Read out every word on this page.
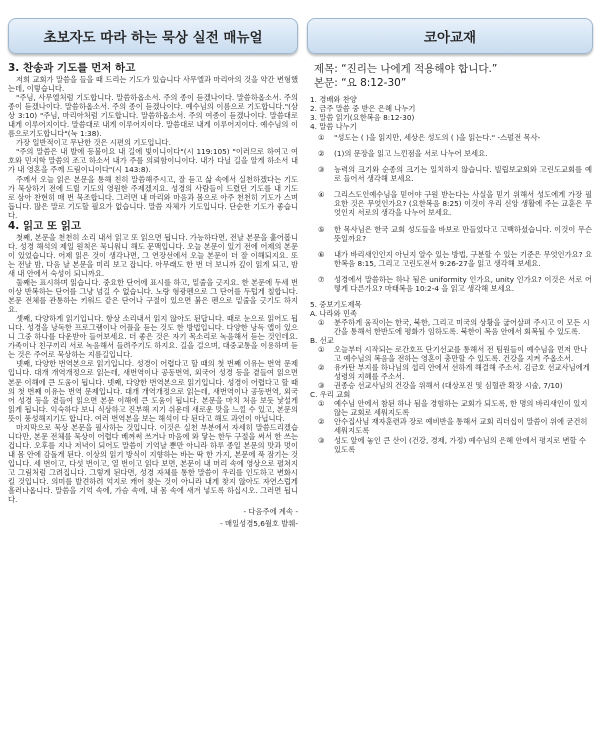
초보자도 따라 하는 묵상 실전 매뉴얼	코아교재
3. 찬송과 기도를 먼저 하고

저희 교회가 말씀을 들을 때 드리는 기도가 있습니다 사무엘과 마리아의 것을 약간 변형했는데, 이렇습니다.

"주님, 사무엘처럼 기도합니다. 말씀하옵소서. 주의 종이 듣겠나이다. 말씀하옵소서. 주의 종이 듣겠나이다. 말씀하옵소서. 주의 종이 듣겠나이다. 예수님의 이름으로 기도합니다."(삼상 3:10) "주님, 마리아처럼 기도합니다. 말씀하옵소서. 주의 여종이 듣겠나이다. 말씀대로 내게 이루어지이다. 말씀대로 내게 이루어지이다. 말씀대로 내게 이루어지이다. 예수님의 이름으로기도합니다"(눅 1:38).

가장 일반적이고 무난한 것은 시편의 기도입니다.

"주의 말씀은 내 발에 등불이요 내 길에 빛이니이다"(시 119:105) "이러므로 하여고 여호와 민지학 말씀의 조고 하소서 내가 주를 의뢰함이니이다. 내가 다닐 길을 알게 하소서 내가 내 영혼을 주께 드림이니이다"(시 143:8).

주께서 오늘 읽은 본문을 통해 친히 말씀해주시고, 잘 듣고 삶 속에서 실천하겠다는 기도가 묵상하기 전에 드릴 기도의 영원한 주제겠지요. 성경의 사람들이 드렸던 기도를 내 기도로 삼아 찬현히 매 번 묵조합니다. 그러면 내 마리와 마음과 몸으로 아주 천천히 기도가 스며듭니다. 많은 말로 기도할 필요가 없습니다. 말씀 자체가 기도입니다. 단순한 기도가 좋습니다.

4. 읽고 또 읽고

첫째, 본문을 천천히 소리 내서 읽고 또 읽으면 됩니다. 가능하다면, 전날 본문을 훑어봅니다. 성경 해석의 제일 원칙은 묵니워니 해도 문맥입니다. 오늘 본문이 있기 전에 어제의 본문이 있었습니다. 어제 읽은 것이 생각나면, 그 연장선에서 오늘 본문이 더 잘 이해되지요. 또는 전날 밤, 다음 날 본문을 미리 보고 잡니다. 아무래도 한 번 더 보니까 깊이 읽게 되고, 밤새 내 안에서 숙성이 되니까요.

둘째는 표시하며 읽습니다. 중요한 단어에 표시를 하고, 밑줄을 긋지요. 한 본문에 두세 번 이상 반복하는 단어를 그냥 넘길 수 없습니다. 노랑 형광펜으로 그 단어를 두텁게 칠합니다. 본문 전체를 관통하는 키워드 같은 단어나 구절이 있으면 붉은 펜으로 밑줄을 긋기도 하지요.

셋째, 다양하게 읽기입니다. 항상 소리내서 읽지 않아도 된답니다. 때로 눈으로 읽어도 됩니다. 성경을 낭독한 프로그램이나 어플을 듣는 것도 한 방법입니다. 다양한 낭독 앱이 있으니 그중 하나를 다운받아 들어보세요. 더 좋은 것은 자기 목소리로 녹음해서 듣는 것인데요. 가족이나 친구끼리 서로 녹음해서 들려주기도 하지요. 길을 걸으며, 대중교통을 이용하며 듣는 것은 주어로 묵상하는 지름길입니다.

넷째, 다양한 번역본으로 읽기입니다. 성경이 어렵다고 할 때의 첫 번째 이유는 번역 문제입니다. 대개 개역개정으로 읽는데, 새번역이나 공동번역, 외국어 성경 등을 곁들여 읽으면 본문 이해에 큰 도움이 됩니다. 넷째, 다양한 번역본으로 읽기입니다. 성경이 어렵다고 할 때의 첫 번째 이유는 번역 문제입니다. 대개 개역개정으로 읽는데, 새번역이나 공동번역, 외국어 성경 등을 곁들여 읽으면 본문 이해에 큰 도움이 됩니다. 본문을 마치 처음 보듯 낯설게 읽게 됩니다. 익숙하다 보니 식상하고 진부해 지기 쉬운데 새로운 맛을 느낄 수 있고, 본문의 뜻이 풍성해지기도 합니다. 여러 번역본을 보는 해석이 다 된다고 해도 과언이 아닙니다.

마지막으로 묵상 본문을 필사하는 것입니다. 이것은 실천 부분에서 자세히 말씀드리겠습니다만, 본문 전체를 묵상이 어렵다 베껴써 쓰거나 마음에 와 닿는 한두 구절을 써서 한 쓰는 겁니다. 오후를 지나 저녁이 되어도 말씀이 기억날 뿐만 아니라 하루 종일 본문의 맛과 멋이 내 몸 안에 감돌게 된다. 이상의 읽기 방식이 지향하는 바는 딱 한 가지, 본문에 푹 잠기는 것입니다. 세 번이고, 다섯 번이고, 열 번이고 읽다 보면, 본문이 내 머리 속에 영상으로 펼쳐지고 그림처럼 그려집니다. 그렇게 된다면, 성경 자체를 통한 말씀이 우리를 인도하고 변화시킬 것입니다. 의미를 발견하려 억지로 캐어 찾는 것이 아니라 내게 찾지 않아도 자연스럽게 흘러나옵니다. 말씀을 기억 속에, 가슴 속에, 내 몸 속에 새겨 넣도록 하십시오. 그러면 됩니다.

- 다음주에 계속 -

- 매일성경5,6월호 발췌-

제목: “진리는 나에게 적용해야 합니다.”

본문: “요 8:12-30”

1. 경배와 찬양
2. 금주 말씀 중 받은 은혜 나누기
3. 말씀 읽기(요한복음 8:12-30)
4. 말씀 나누기
①	"성도는 ( )을 읽지만, 세상은 성도의 ( )을 읽는다." -스펄전 목사-
②	(1)의 문장을 읽고 느낀점을 서로 나누어 보세요.
③	능력의 크기와 순종의 크기는 일치하지 않습니다. 빌립보교회와 고린도교회를 예로 들어서 생각해 보세요.
④	그리스도인예수님을 믿어야 구원 받는다는 사실을 믿기 위해서 성도에게 가장 필요한 것은 무엇인가요? (요한복음 8:25) 이것이 우리 신앙 생활에 주는 교훈은 무엇인지 서로의 생각을 나누어 보세요.
⑤	한 목사님은 한국 교회 성도들을 바보로 만들었다고 고백하셨습니다. 이것이 무슨 뜻일까요?
⑥	내가 바리새인인지 아닌지 알수 있는 방법, 구분할 수 있는 기준은 무엇인가요? 요한복음 8:15, 그리고 고린도전서 9:26-27을 읽고 생각해 보세요.
⑦	성경에서 말씀하는 하나 됨은 uniformity 인가요, unity 인가요? 이것은 서로 어떻게 다른가요? 마태복음 10:2-4 을 읽고 생각해 보세요.
5. 중보기도제목
A. 나라와 민족
①	분주하게 움직이는 한국, 북한, 그리고 미국의 상황을 굽어살펴 주시고 이 모든 시간을 통해서 한반도에 평화가 임하도록. 북한이 복음 안에서 회복될 수 있도록.
B. 선교
①	오늘부터 시작되는 로간호프 단기선교를 통해서 전 팀원들이 예수님을 먼저 만나고 예수님의 복음을 전하는 영혼이 충만할 수 있도록. 건강을 지켜 주옵소서.
②	유카탄 부지를 하나님의 섭리 안에서 선하게 해결해 주소서. 김금호 선교사님에게 성령의 지혜를 주소서.
③	권종승 선교사님의 건강을 위해서 (대상포진 및 심혈관 확장 시술, 7/10)
C. 우리 교회
①	예수님 안에서 참된 하나 됨을 경험하는 교회가 되도록, 한 명의 바리새인이 있지 않는 교회로 세워지도록
②	안수집사님 재자훈련과 장로 예비반을 통해서 교회 리더십이 말씀이 위에 굳건히 세워지도록
③	성도 앞에 놓인 큰 산이 (건강, 경제, 가정) 예수님의 은혜 안에서 평지로 변할 수 있도록
